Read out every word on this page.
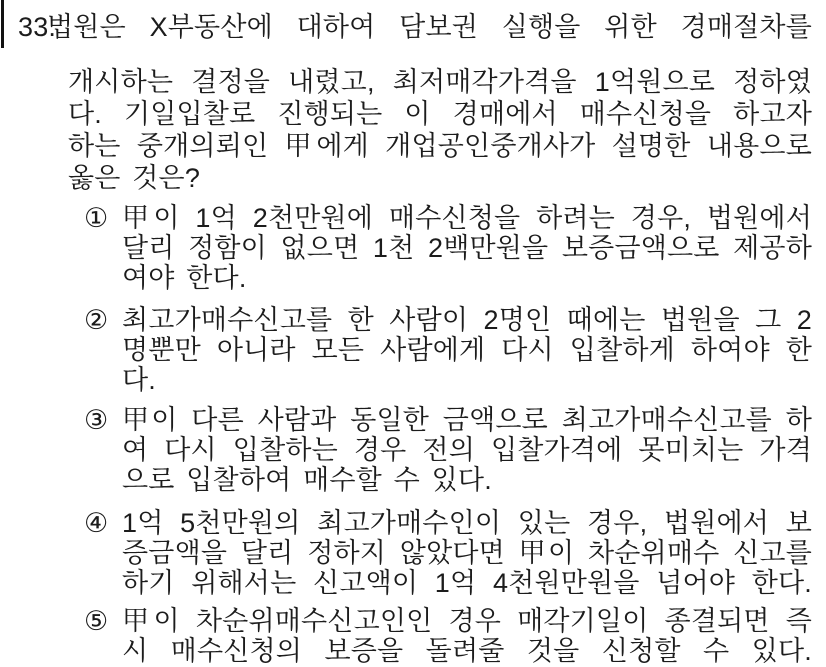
33.
법원은 X부동산에 대하여 담보권 실행을 위한 경매절차를
개시하는 결정을 내렸고, 최저매각가격을 1억원으로 정하였
다. 기일입찰로 진행되는 이 경매에서 매수신청을 하고자
하는 중개의뢰인 甲에게 개업공인중개사가 설명한 내용으로
옳은 것은?
① 甲이 1억 2천만원에 매수신청을 하려는 경우, 법원에서
달리 정함이 없으면 1천 2백만원을 보증금액으로 제공하
여야 한다.
② 최고가매수신고를 한 사람이 2명인 때에는 법원을 그 2
명뿐만 아니라 모든 사람에게 다시 입찰하게 하여야 한
다.
③ 甲이 다른 사람과 동일한 금액으로 최고가매수신고를 하
여 다시 입찰하는 경우 전의 입찰가격에 못미치는 가격
으로 입찰하여 매수할 수 있다.
④ 1억 5천만원의 최고가매수인이 있는 경우, 법원에서 보
증금액을 달리 정하지 않았다면 甲이 차순위매수 신고를
하기 위해서는 신고액이 1억 4천원만원을 넘어야 한다.
⑤ 甲이 차순위매수신고인인 경우 매각기일이 종결되면 즉
시 매수신청의 보증을 돌려줄 것을 신청할 수 있다.
